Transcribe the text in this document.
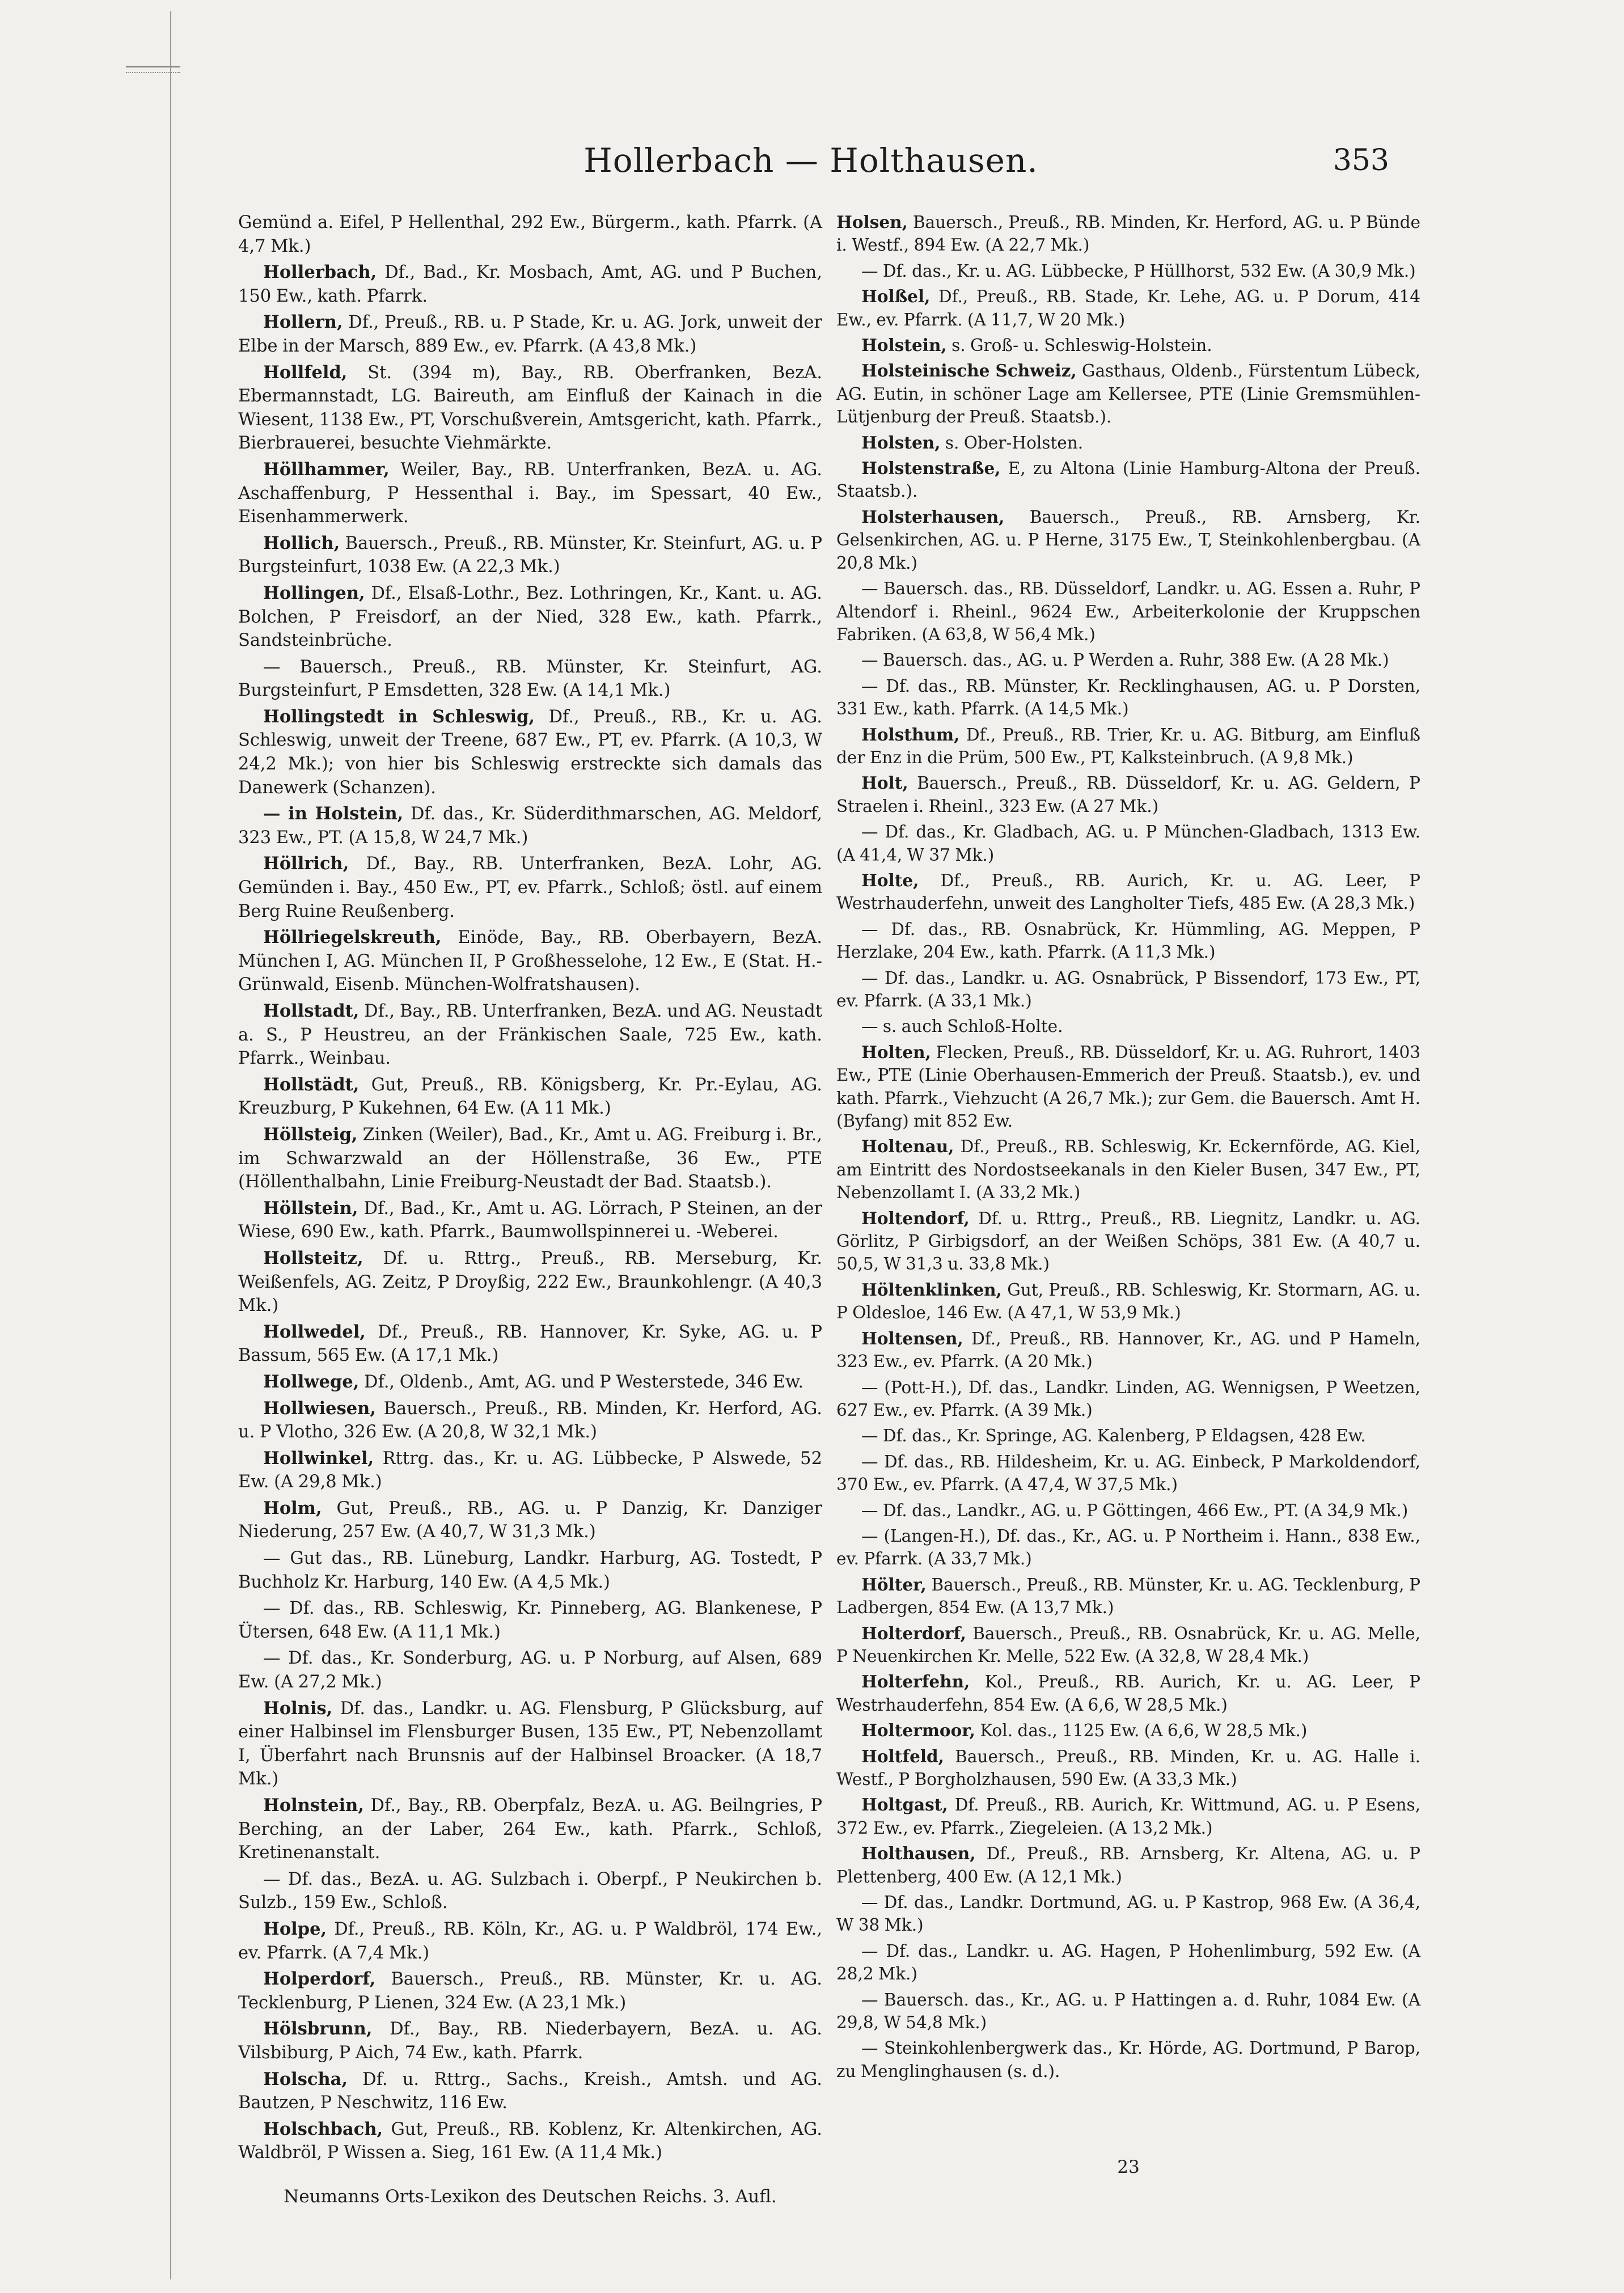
Hollerbach — Holthausen.	353

Gemünd a. Eifel, P Hellenthal, 292 Ew., Bürgerm., kath. Pfarrk. (A 4,7 Mk.)

Hollerbach, Df., Bad., Kr. Mosbach, Amt, AG. und P Buchen, 150 Ew., kath. Pfarrk.

Hollern, Df., Preuß., RB. u. P Stade, Kr. u. AG. Jork, unweit der Elbe in der Marsch, 889 Ew., ev. Pfarrk. (A 43,8 Mk.)

Hollfeld, St. (394 m), Bay., RB. Oberfranken, BezA. Ebermannstadt, LG. Baireuth, am Einfluß der Kainach in die Wiesent, 1138 Ew., PT, Vorschußverein, Amtsgericht, kath. Pfarrk., Bierbrauerei, besuchte Viehmärkte.

Höllhammer, Weiler, Bay., RB. Unterfranken, BezA. u. AG. Aschaffenburg, P Hessenthal i. Bay., im Spessart, 40 Ew., Eisenhammerwerk.

Hollich, Bauersch., Preuß., RB. Münster, Kr. Steinfurt, AG. u. P Burgsteinfurt, 1038 Ew. (A 22,3 Mk.)

Hollingen, Df., Elsaß-Lothr., Bez. Lothringen, Kr., Kant. u. AG. Bolchen, P Freisdorf, an der Nied, 328 Ew., kath. Pfarrk., Sandsteinbrüche.

— Bauersch., Preuß., RB. Münster, Kr. Steinfurt, AG. Burgsteinfurt, P Emsdetten, 328 Ew. (A 14,1 Mk.)

Hollingstedt in Schleswig, Df., Preuß., RB., Kr. u. AG. Schleswig, unweit der Treene, 687 Ew., PT, ev. Pfarrk. (A 10,3, W 24,2 Mk.); von hier bis Schleswig erstreckte sich damals das Danewerk (Schanzen).

— in Holstein, Df. das., Kr. Süderdithmarschen, AG. Meldorf, 323 Ew., PT. (A 15,8, W 24,7 Mk.)

Höllrich, Df., Bay., RB. Unterfranken, BezA. Lohr, AG. Gemünden i. Bay., 450 Ew., PT, ev. Pfarrk., Schloß; östl. auf einem Berg Ruine Reußenberg.

Höllriegelskreuth, Einöde, Bay., RB. Oberbayern, BezA. München I, AG. München II, P Großhesselohe, 12 Ew., E (Stat. H.-Grünwald, Eisenb. München-Wolfratshausen).

Hollstadt, Df., Bay., RB. Unterfranken, BezA. und AG. Neustadt a. S., P Heustreu, an der Fränkischen Saale, 725 Ew., kath. Pfarrk., Weinbau.

Hollstädt, Gut, Preuß., RB. Königsberg, Kr. Pr.-Eylau, AG. Kreuzburg, P Kukehnen, 64 Ew. (A 11 Mk.)

Höllsteig, Zinken (Weiler), Bad., Kr., Amt u. AG. Freiburg i. Br., im Schwarzwald an der Höllenstraße, 36 Ew., PTE (Höllenthalbahn, Linie Freiburg-Neustadt der Bad. Staatsb.).

Höllstein, Df., Bad., Kr., Amt u. AG. Lörrach, P Steinen, an der Wiese, 690 Ew., kath. Pfarrk., Baumwollspinnerei u. -Weberei.

Hollsteitz, Df. u. Rttrg., Preuß., RB. Merseburg, Kr. Weißenfels, AG. Zeitz, P Droyßig, 222 Ew., Braunkohlengr. (A 40,3 Mk.)

Hollwedel, Df., Preuß., RB. Hannover, Kr. Syke, AG. u. P Bassum, 565 Ew. (A 17,1 Mk.)

Hollwege, Df., Oldenb., Amt, AG. und P Westerstede, 346 Ew.

Hollwiesen, Bauersch., Preuß., RB. Minden, Kr. Herford, AG. u. P Vlotho, 326 Ew. (A 20,8, W 32,1 Mk.)

Hollwinkel, Rttrg. das., Kr. u. AG. Lübbecke, P Alswede, 52 Ew. (A 29,8 Mk.)

Holm, Gut, Preuß., RB., AG. u. P Danzig, Kr. Danziger Niederung, 257 Ew. (A 40,7, W 31,3 Mk.)

— Gut das., RB. Lüneburg, Landkr. Harburg, AG. Tostedt, P Buchholz Kr. Harburg, 140 Ew. (A 4,5 Mk.)

— Df. das., RB. Schleswig, Kr. Pinneberg, AG. Blankenese, P Ütersen, 648 Ew. (A 11,1 Mk.)

— Df. das., Kr. Sonderburg, AG. u. P Norburg, auf Alsen, 689 Ew. (A 27,2 Mk.)

Holnis, Df. das., Landkr. u. AG. Flensburg, P Glücksburg, auf einer Halbinsel im Flensburger Busen, 135 Ew., PT, Nebenzollamt I, Überfahrt nach Brunsnis auf der Halbinsel Broacker. (A 18,7 Mk.)

Holnstein, Df., Bay., RB. Oberpfalz, BezA. u. AG. Beilngries, P Berching, an der Laber, 264 Ew., kath. Pfarrk., Schloß, Kretinenanstalt.

— Df. das., BezA. u. AG. Sulzbach i. Oberpf., P Neukirchen b. Sulzb., 159 Ew., Schloß.

Holpe, Df., Preuß., RB. Köln, Kr., AG. u. P Waldbröl, 174 Ew., ev. Pfarrk. (A 7,4 Mk.)

Holperdorf, Bauersch., Preuß., RB. Münster, Kr. u. AG. Tecklenburg, P Lienen, 324 Ew. (A 23,1 Mk.)

Hölsbrunn, Df., Bay., RB. Niederbayern, BezA. u. AG. Vilsbiburg, P Aich, 74 Ew., kath. Pfarrk.

Holscha, Df. u. Rttrg., Sachs., Kreish., Amtsh. und AG. Bautzen, P Neschwitz, 116 Ew.

Holschbach, Gut, Preuß., RB. Koblenz, Kr. Altenkirchen, AG. Waldbröl, P Wissen a. Sieg, 161 Ew. (A 11,4 Mk.)

Holsen, Bauersch., Preuß., RB. Minden, Kr. Herford, AG. u. P Bünde i. Westf., 894 Ew. (A 22,7 Mk.)

— Df. das., Kr. u. AG. Lübbecke, P Hüllhorst, 532 Ew. (A 30,9 Mk.)

Holßel, Df., Preuß., RB. Stade, Kr. Lehe, AG. u. P Dorum, 414 Ew., ev. Pfarrk. (A 11,7, W 20 Mk.)

Holstein, s. Groß- u. Schleswig-Holstein.

Holsteinische Schweiz, Gasthaus, Oldenb., Fürstentum Lübeck, AG. Eutin, in schöner Lage am Kellersee, PTE (Linie Gremsmühlen-Lütjenburg der Preuß. Staatsb.).

Holsten, s. Ober-Holsten.

Holstenstraße, E, zu Altona (Linie Hamburg-Altona der Preuß. Staatsb.).

Holsterhausen, Bauersch., Preuß., RB. Arnsberg, Kr. Gelsenkirchen, AG. u. P Herne, 3175 Ew., T, Steinkohlenbergbau. (A 20,8 Mk.)

— Bauersch. das., RB. Düsseldorf, Landkr. u. AG. Essen a. Ruhr, P Altendorf i. Rheinl., 9624 Ew., Arbeiterkolonie der Kruppschen Fabriken. (A 63,8, W 56,4 Mk.)

— Bauersch. das., AG. u. P Werden a. Ruhr, 388 Ew. (A 28 Mk.)

— Df. das., RB. Münster, Kr. Recklinghausen, AG. u. P Dorsten, 331 Ew., kath. Pfarrk. (A 14,5 Mk.)

Holsthum, Df., Preuß., RB. Trier, Kr. u. AG. Bitburg, am Einfluß der Enz in die Prüm, 500 Ew., PT, Kalksteinbruch. (A 9,8 Mk.)

Holt, Bauersch., Preuß., RB. Düsseldorf, Kr. u. AG. Geldern, P Straelen i. Rheinl., 323 Ew. (A 27 Mk.)

— Df. das., Kr. Gladbach, AG. u. P München-Gladbach, 1313 Ew. (A 41,4, W 37 Mk.)

Holte, Df., Preuß., RB. Aurich, Kr. u. AG. Leer, P Westrhauderfehn, unweit des Langholter Tiefs, 485 Ew. (A 28,3 Mk.)

— Df. das., RB. Osnabrück, Kr. Hümmling, AG. Meppen, P Herzlake, 204 Ew., kath. Pfarrk. (A 11,3 Mk.)

— Df. das., Landkr. u. AG. Osnabrück, P Bissendorf, 173 Ew., PT, ev. Pfarrk. (A 33,1 Mk.)

— s. auch Schloß-Holte.

Holten, Flecken, Preuß., RB. Düsseldorf, Kr. u. AG. Ruhrort, 1403 Ew., PTE (Linie Oberhausen-Emmerich der Preuß. Staatsb.), ev. und kath. Pfarrk., Viehzucht (A 26,7 Mk.); zur Gem. die Bauersch. Amt H. (Byfang) mit 852 Ew.

Holtenau, Df., Preuß., RB. Schleswig, Kr. Eckernförde, AG. Kiel, am Eintritt des Nordostseekanals in den Kieler Busen, 347 Ew., PT, Nebenzollamt I. (A 33,2 Mk.)

Holtendorf, Df. u. Rttrg., Preuß., RB. Liegnitz, Landkr. u. AG. Görlitz, P Girbigsdorf, an der Weißen Schöps, 381 Ew. (A 40,7 u. 50,5, W 31,3 u. 33,8 Mk.)

Höltenklinken, Gut, Preuß., RB. Schleswig, Kr. Stormarn, AG. u. P Oldesloe, 146 Ew. (A 47,1, W 53,9 Mk.)

Holtensen, Df., Preuß., RB. Hannover, Kr., AG. und P Hameln, 323 Ew., ev. Pfarrk. (A 20 Mk.)

— (Pott-H.), Df. das., Landkr. Linden, AG. Wennigsen, P Weetzen, 627 Ew., ev. Pfarrk. (A 39 Mk.)

— Df. das., Kr. Springe, AG. Kalenberg, P Eldagsen, 428 Ew.

— Df. das., RB. Hildesheim, Kr. u. AG. Einbeck, P Markoldendorf, 370 Ew., ev. Pfarrk. (A 47,4, W 37,5 Mk.)

— Df. das., Landkr., AG. u. P Göttingen, 466 Ew., PT. (A 34,9 Mk.)

— (Langen-H.), Df. das., Kr., AG. u. P Northeim i. Hann., 838 Ew., ev. Pfarrk. (A 33,7 Mk.)

Hölter, Bauersch., Preuß., RB. Münster, Kr. u. AG. Tecklenburg, P Ladbergen, 854 Ew. (A 13,7 Mk.)

Holterdorf, Bauersch., Preuß., RB. Osnabrück, Kr. u. AG. Melle, P Neuenkirchen Kr. Melle, 522 Ew. (A 32,8, W 28,4 Mk.)

Holterfehn, Kol., Preuß., RB. Aurich, Kr. u. AG. Leer, P Westrhauderfehn, 854 Ew. (A 6,6, W 28,5 Mk.)

Holtermoor, Kol. das., 1125 Ew. (A 6,6, W 28,5 Mk.)

Holtfeld, Bauersch., Preuß., RB. Minden, Kr. u. AG. Halle i. Westf., P Borgholzhausen, 590 Ew. (A 33,3 Mk.)

Holtgast, Df. Preuß., RB. Aurich, Kr. Wittmund, AG. u. P Esens, 372 Ew., ev. Pfarrk., Ziegeleien. (A 13,2 Mk.)

Holthausen, Df., Preuß., RB. Arnsberg, Kr. Altena, AG. u. P Plettenberg, 400 Ew. (A 12,1 Mk.)

— Df. das., Landkr. Dortmund, AG. u. P Kastrop, 968 Ew. (A 36,4, W 38 Mk.)

— Df. das., Landkr. u. AG. Hagen, P Hohenlimburg, 592 Ew. (A 28,2 Mk.)

— Bauersch. das., Kr., AG. u. P Hattingen a. d. Ruhr, 1084 Ew. (A 29,8, W 54,8 Mk.)

— Steinkohlenbergwerk das., Kr. Hörde, AG. Dortmund, P Barop, zu Menglinghausen (s. d.).

Neumanns Orts-Lexikon des Deutschen Reichs. 3. Aufl.
23
